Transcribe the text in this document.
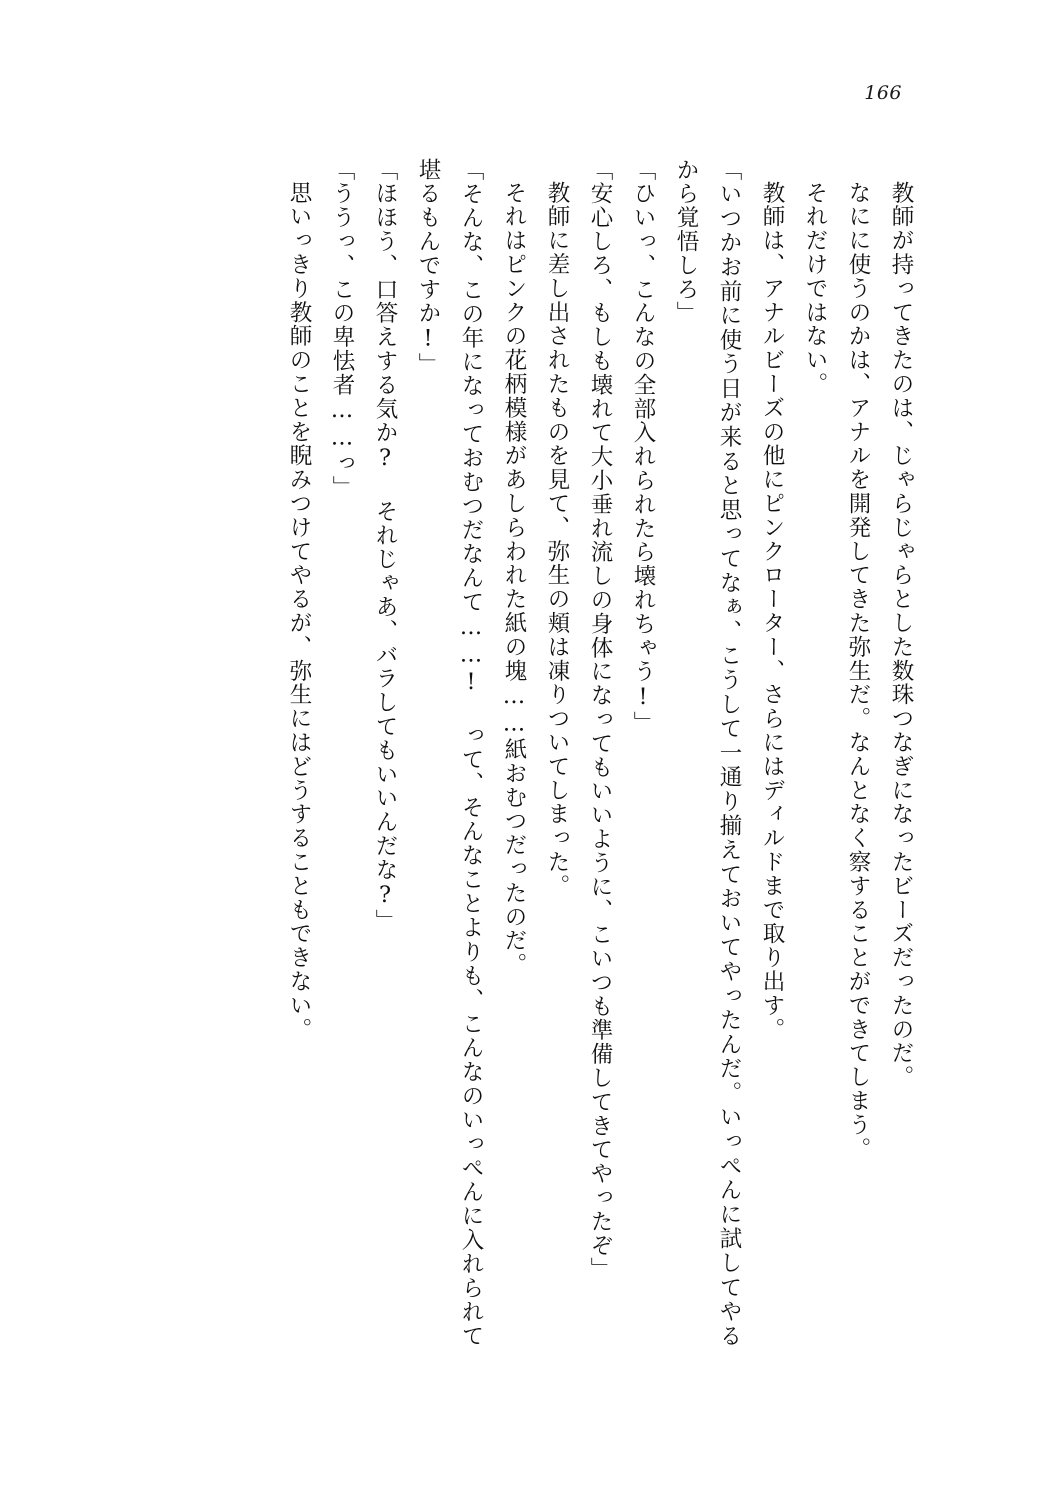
166

教師が持ってきたのは、じゃらじゃらとした数珠つなぎになったビーズだったのだ。

なにに使うのかは、アナルを開発してきた弥生だ。なんとなく察することができてしまう。

それだけではない。

教師は、アナルビーズの他にピンクローター、さらにはディルドまで取り出す。

「いつかお前に使う日が来ると思ってなぁ、こうして一通り揃えておいてやったんだ。いっぺんに試してやるから覚悟しろ」

「ひいっ、こんなの全部入れられたら壊れちゃう!」

「安心しろ、もしも壊れて大小垂れ流しの身体になってもいいように、こいつも準備してきてやったぞ」

教師に差し出されたものを見て、弥生の頬は凍りついてしまった。

それはピンクの花柄模様があしらわれた紙の塊……紙おむつだったのだ。

「そんな、この年になっておむつだなんて……! って、そんなことよりも、こんなのいっぺんに入れられて堪るもんですか!」

「ほほう、口答えする気か? それじゃあ、バラしてもいいんだな?」

「ううっ、この卑怯者……っ」

思いっきり教師のことを睨みつけてやるが、弥生にはどうすることもできない。
